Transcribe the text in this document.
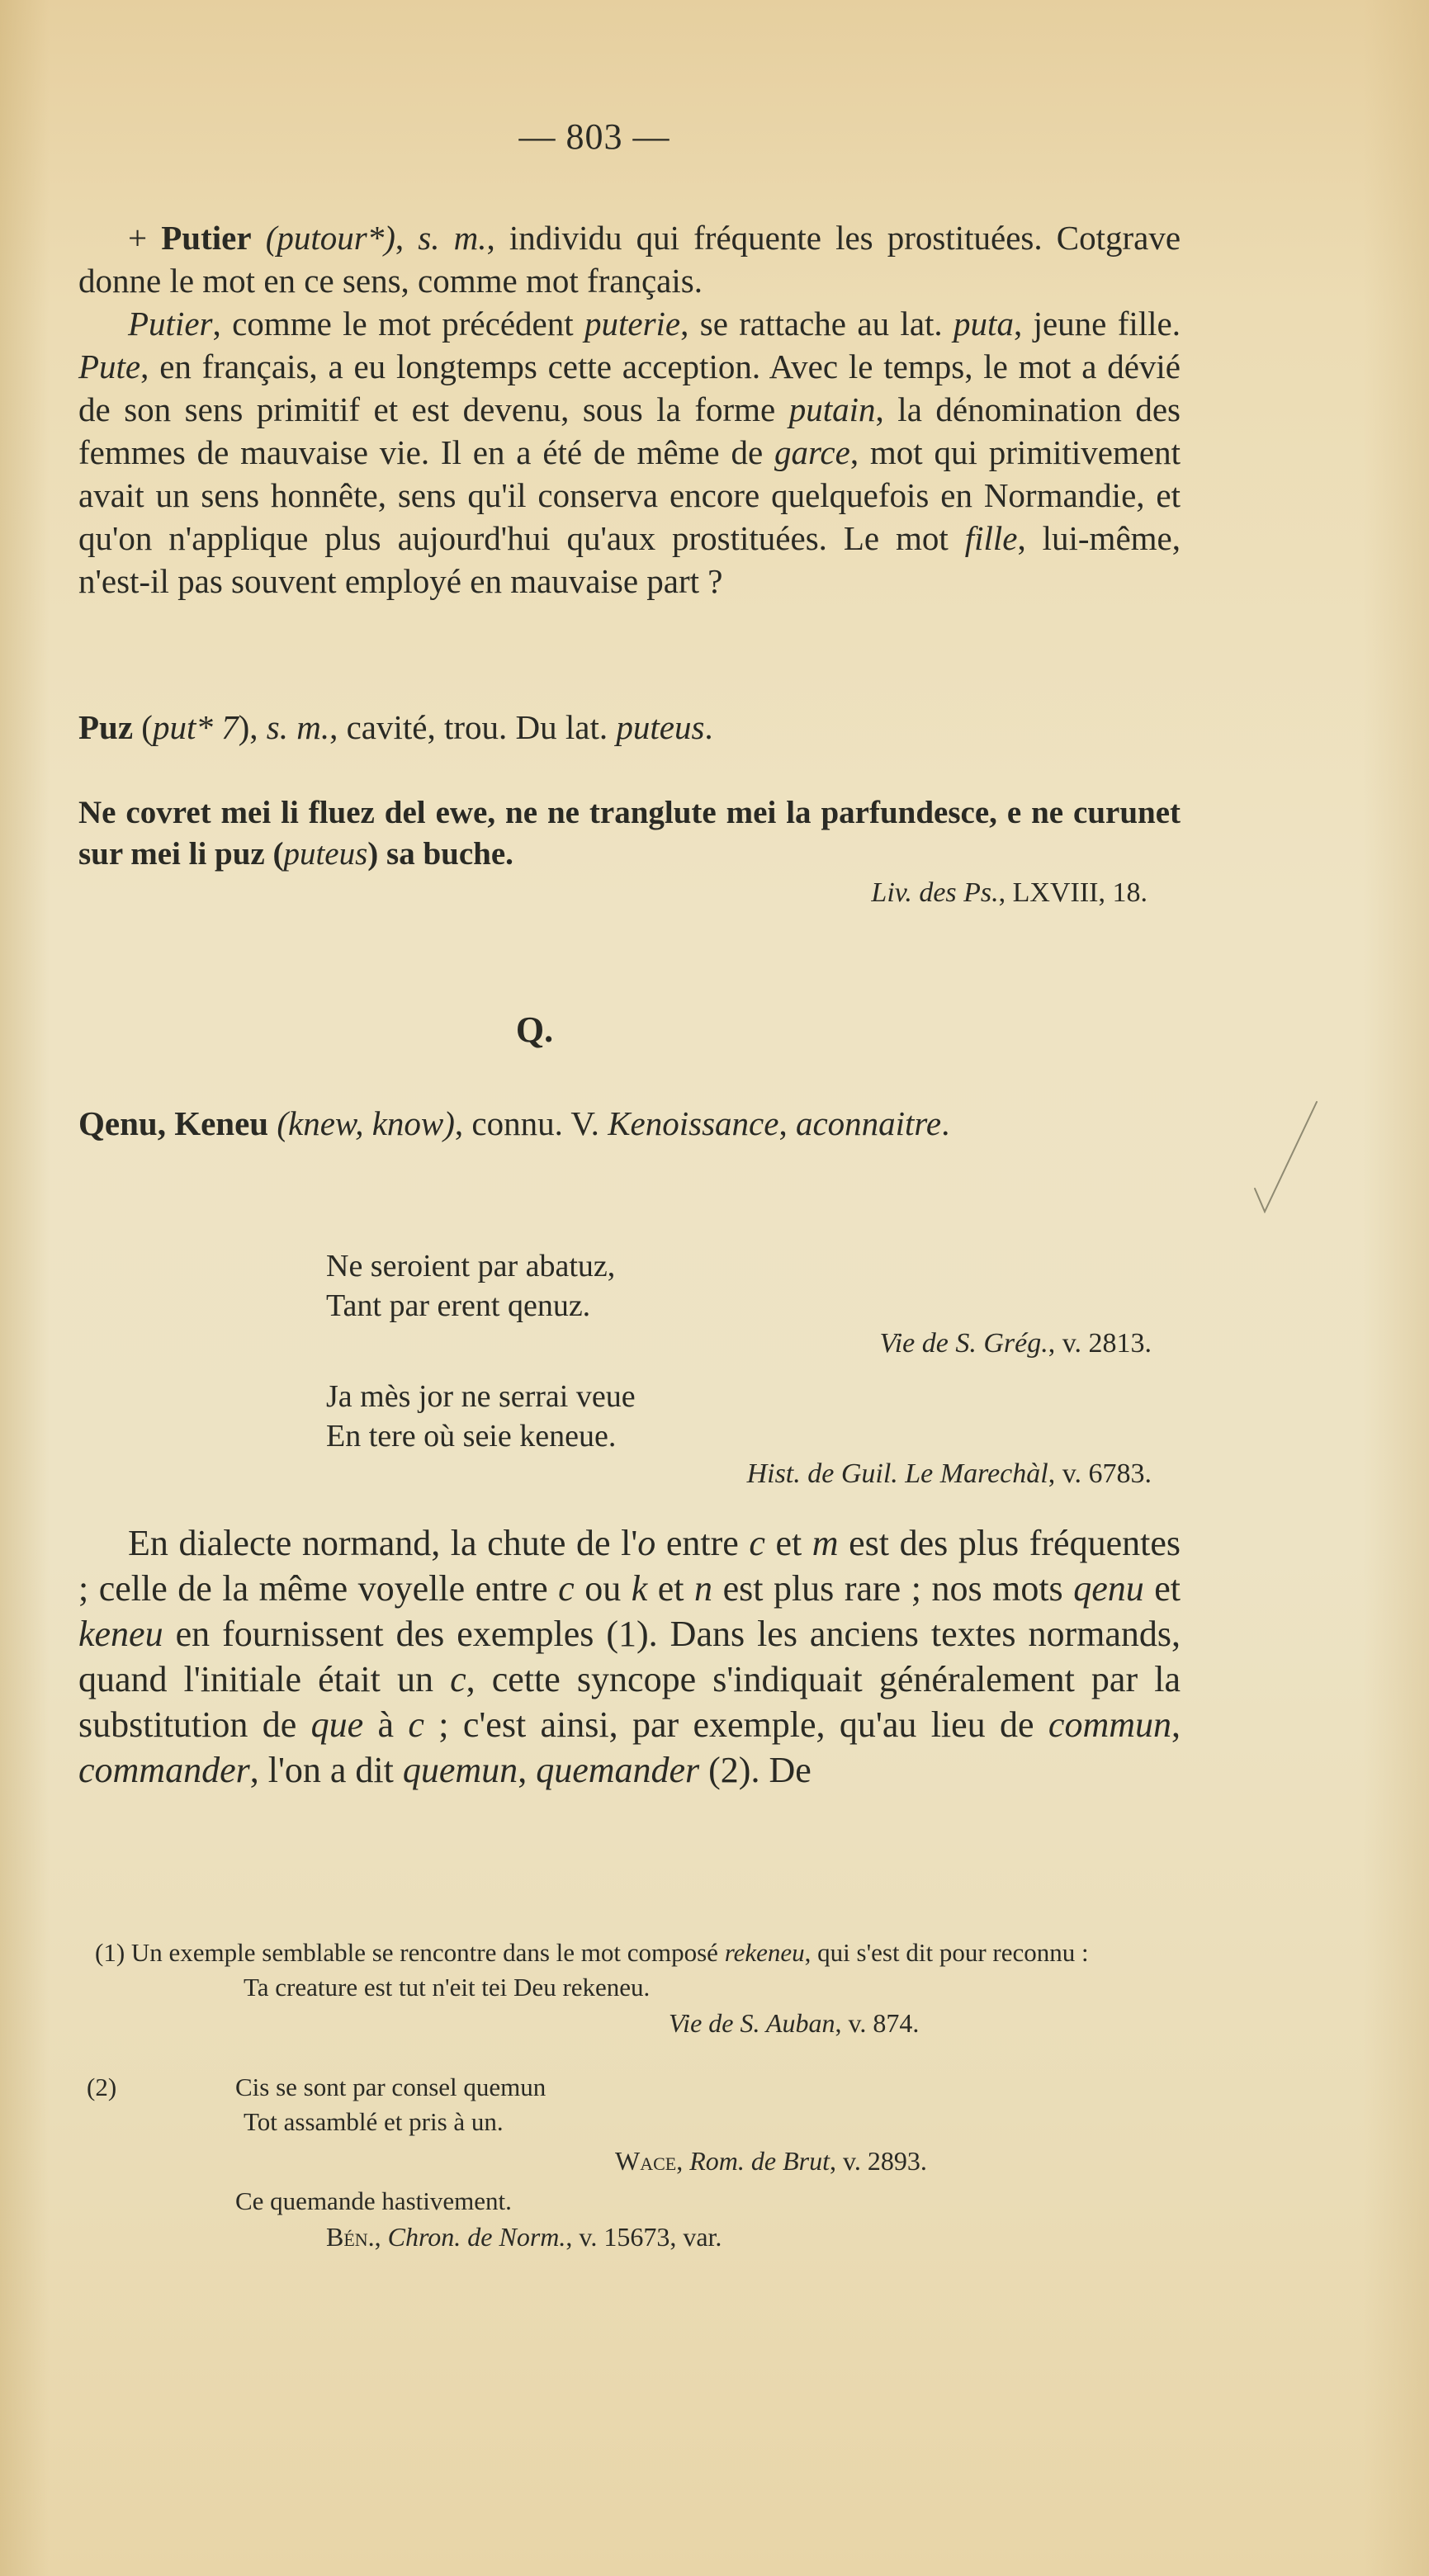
— 803 —

+ Putier (putour*), s. m., individu qui fréquente les prostituées. Cotgrave donne le mot en ce sens, comme mot français.

Putier, comme le mot précédent puterie, se rattache au lat. puta, jeune fille. Pute, en français, a eu longtemps cette acception. Avec le temps, le mot a dévié de son sens primitif et est devenu, sous la forme putain, la dénomination des femmes de mauvaise vie. Il en a été de même de garce, mot qui primitivement avait un sens honnête, sens qu'il conserva encore quelquefois en Normandie, et qu'on n'applique plus aujourd'hui qu'aux prostituées. Le mot fille, lui-même, n'est-il pas souvent employé en mauvaise part ?

Puz (put* 7), s. m., cavité, trou. Du lat. puteus.

Ne covret mei li fluez del ewe, ne ne tranglute mei la parfundesce, e ne curunet sur mei li puz (puteus) sa buche.

Liv. des Ps., LXVIII, 18.

Q.

Qenu, Keneu (knew, know), connu. V. Kenoissance, aconnaitre.

Ne seroient par abatuz,

Tant par erent qenuz.

Vie de S. Grég., v. 2813.

Ja mès jor ne serrai veue

En tere où seie keneue.

Hist. de Guil. Le Marechàl, v. 6783.

En dialecte normand, la chute de l'o entre c et m est des plus fréquentes ; celle de la même voyelle entre c ou k et n est plus rare ; nos mots qenu et keneu en fournissent des exemples (1). Dans les anciens textes normands, quand l'initiale était un c, cette syncope s'indiquait généralement par la substitution de que à c ; c'est ainsi, par exemple, qu'au lieu de commun, commander, l'on a dit quemun, quemander (2). De

(1) Un exemple semblable se rencontre dans le mot composé rekeneu, qui s'est dit pour reconnu :

Ta creature est tut n'eit tei Deu rekeneu.

Vie de S. Auban, v. 874.

(2)	Cis se sont par consel quemun

Tot assamblé et pris à un.

Wace, Rom. de Brut, v. 2893.

Ce quemande hastivement.

Bén., Chron. de Norm., v. 15673, var.
